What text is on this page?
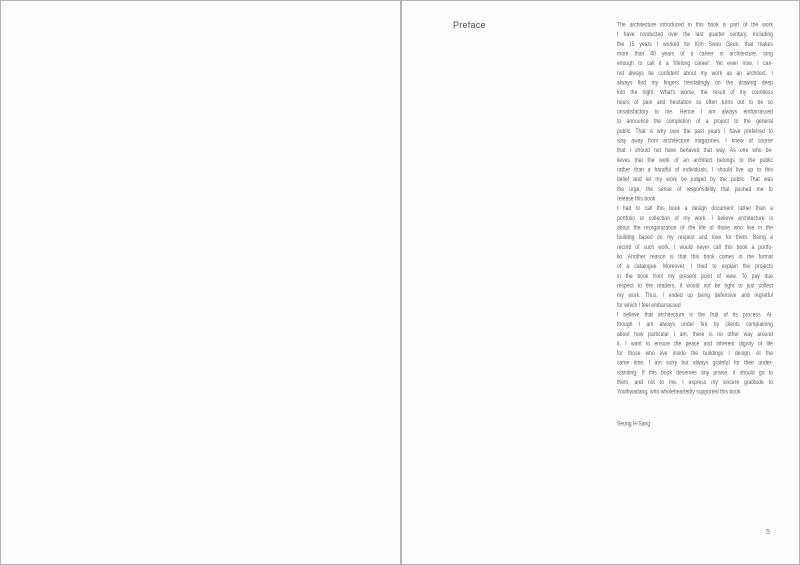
Preface	The architecture introduced in this book is part of the work
I have conducted over the last quarter century. Including
the 15 years I worked for Kim Swoo Geun, that makes
more than 40 years of a career in architecture, long
enough to call it a 'lifelong career'. Yet even now, I can-
not always be confident about my work as an architect. I
always find my fingers hesitatingly on the drawing deep
into the night. What's worse, the result of my countless
hours of pain and hesitation so often turns out to be so
unsatisfactory to me. Hence I am always embarrassed
to announce the completion of a project to the general
public. That is why over the past years I have preferred to
stay away from architecture magazines. I knew of course
that I should not have behaved that way. As one who be-
lieves that the work of an architect belongs to the public
rather than a handful of individuals, I should live up to this
belief and let my work be judged by the public. That was
the urge, the sense of responsibility that pushed me to
release this book
I had to call this book a design document rather than a
portfolio or collection of my work. I believe architecture is
about the reorganization of the life of those who live in the
building based on my respect and love for them. Being a
record of such work, I would never call this book a portfo-
lio. Another reason is that this book comes in the format
of a catalogue. Moreover, I tried to explain the projects
in the book from my present point of view. To pay due
respect to the readers, it would not be right to just collect
my work. Thus, I ended up being defensive and regretful
for which I feel embarrassed
I believe that architecture is the fruit of its process. Al-
though I am always under fire by clients complaining
about how particular I am, there is no other way around
it. I want to ensure the peace and inherent dignity of life
for those who live inside the buildings I design. At the
same time, I am sorry but always grateful for their under-
standing. If this book deserves any praise, it should go to
them, and not to me. I express my sincere gratitude to
Youlhwadang, who wholeheartedly supported this book
Seung H-Sang
5
